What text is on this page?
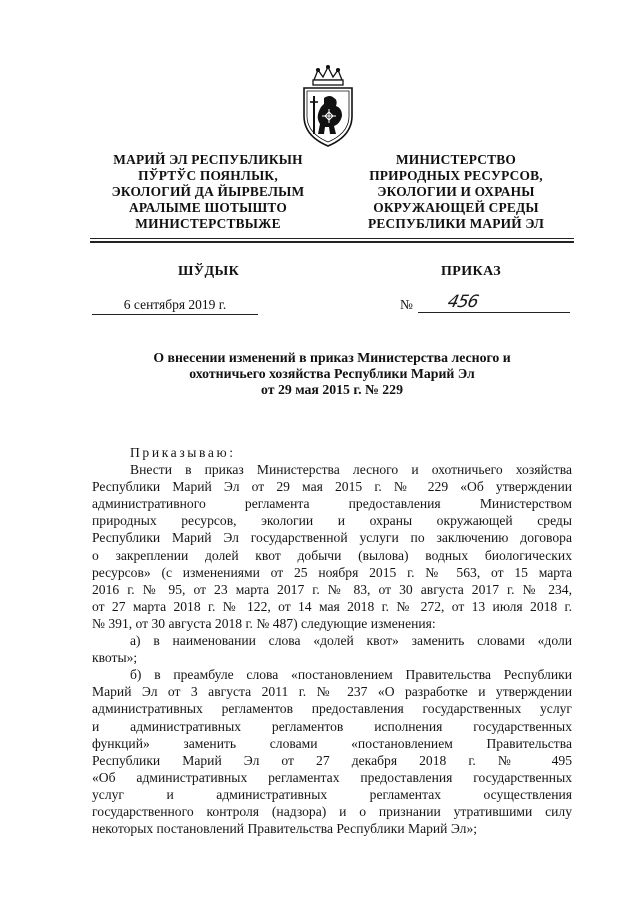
МАРИЙ ЭЛ РЕСПУБЛИКЫН
ПЎРТЎС ПОЯНЛЫК,
ЭКОЛОГИЙ ДА ЙЫРВЕЛЫМ
АРАЛЫМЕ ШОТЫШТО
МИНИСТЕРСТВЫЖЕ
МИНИСТЕРСТВО
ПРИРОДНЫХ РЕСУРСОВ,
ЭКОЛОГИИ И ОХРАНЫ
ОКРУЖАЮЩЕЙ СРЕДЫ
РЕСПУБЛИКИ МАРИЙ ЭЛ
ШЎДЫК	ПРИКАЗ
6 сентября 2019 г.	№ 456
О внесении изменений в приказ Министерства лесного и
охотничьего хозяйства Республики Марий Эл
от 29 мая 2015 г. № 229
Приказываю:
Внести в приказ Министерства лесного и охотничьего хозяйства
Республики Марий Эл от 29 мая 2015 г. № 229 «Об утверждении
административного регламента предоставления Министерством
природных ресурсов, экологии и охраны окружающей среды
Республики Марий Эл государственной услуги по заключению договора
о закреплении долей квот добычи (вылова) водных биологических
ресурсов» (с изменениями от 25 ноября 2015 г. № 563, от 15 марта
2016 г. № 95, от 23 марта 2017 г. № 83, от 30 августа 2017 г. № 234,
от 27 марта 2018 г. № 122, от 14 мая 2018 г. № 272, от 13 июля 2018 г.
№ 391, от 30 августа 2018 г. № 487) следующие изменения:
а) в наименовании слова «долей квот» заменить словами «доли
квоты»;
б) в преамбуле слова «постановлением Правительства Республики
Марий Эл от 3 августа 2011 г. № 237 «О разработке и утверждении
административных регламентов предоставления государственных услуг
и административных регламентов исполнения государственных
функций» заменить словами «постановлением Правительства
Республики Марий Эл от 27 декабря 2018 г. № 495
«Об административных регламентах предоставления государственных
услуг и административных регламентах осуществления
государственного контроля (надзора) и о признании утратившими силу
некоторых постановлений Правительства Республики Марий Эл»;
